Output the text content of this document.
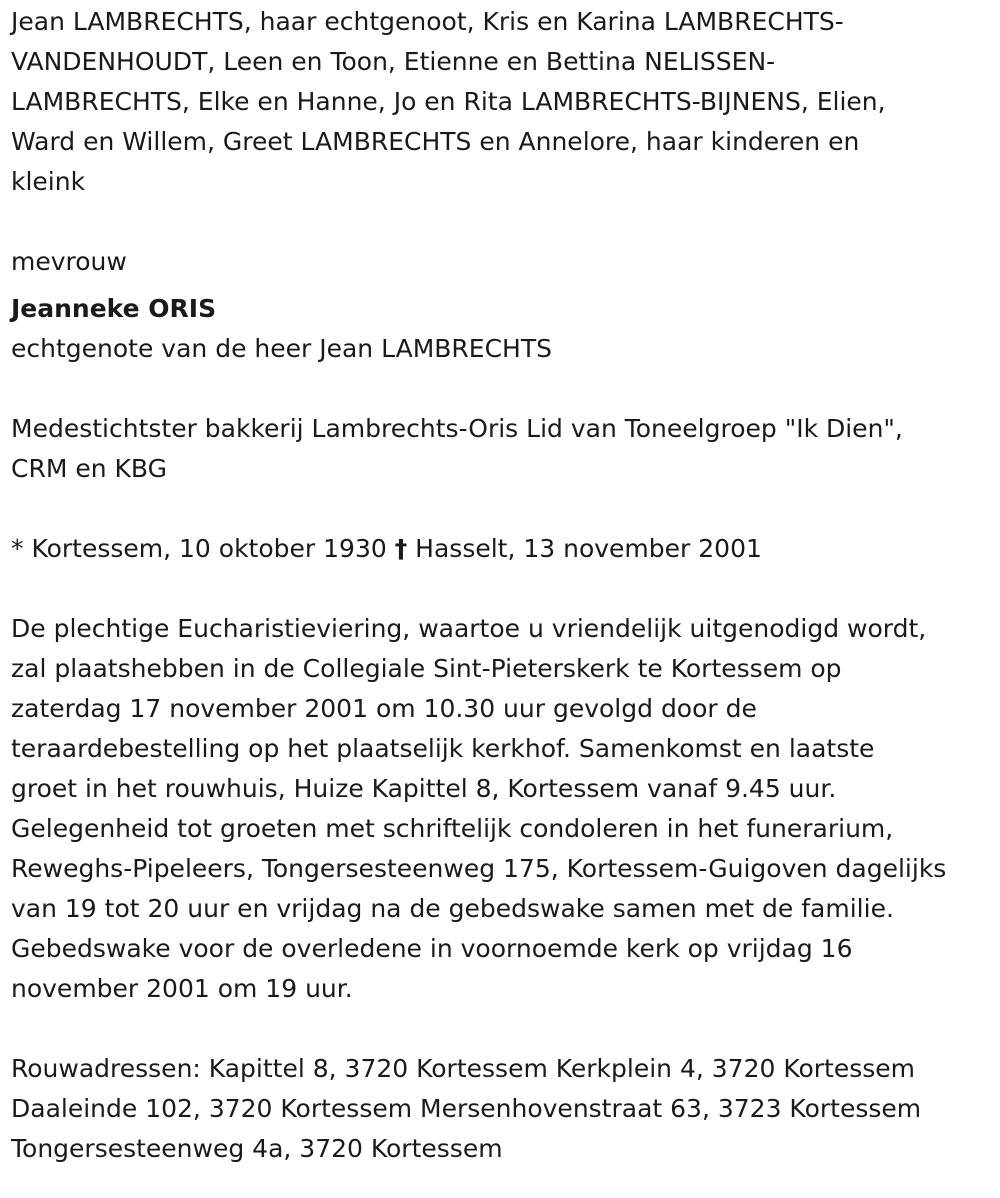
Jean LAMBRECHTS, haar echtgenoot, Kris en Karina LAMBRECHTS-
VANDENHOUDT, Leen en Toon, Etienne en Bettina NELISSEN-
LAMBRECHTS, Elke en Hanne, Jo en Rita LAMBRECHTS-BIJNENS, Elien,
Ward en Willem, Greet LAMBRECHTS en Annelore, haar kinderen en
kleink
mevrouw
Jeanneke ORIS
echtgenote van de heer Jean LAMBRECHTS
Medestichtster bakkerij Lambrechts-Oris Lid van Toneelgroep "Ik Dien",
CRM en KBG
* Kortessem, 10 oktober 1930 † Hasselt, 13 november 2001
De plechtige Eucharistieviering, waartoe u vriendelijk uitgenodigd wordt,
zal plaatshebben in de Collegiale Sint-Pieterskerk te Kortessem op
zaterdag 17 november 2001 om 10.30 uur gevolgd door de
teraardebestelling op het plaatselijk kerkhof. Samenkomst en laatste
groet in het rouwhuis, Huize Kapittel 8, Kortessem vanaf 9.45 uur.
Gelegenheid tot groeten met schriftelijk condoleren in het funerarium,
Reweghs-Pipeleers, Tongersesteenweg 175, Kortessem-Guigoven dagelijks
van 19 tot 20 uur en vrijdag na de gebedswake samen met de familie.
Gebedswake voor de overledene in voornoemde kerk op vrijdag 16
november 2001 om 19 uur.
Rouwadressen: Kapittel 8, 3720 Kortessem Kerkplein 4, 3720 Kortessem
Daaleinde 102, 3720 Kortessem Mersenhovenstraat 63, 3723 Kortessem
Tongersesteenweg 4a, 3720 Kortessem
